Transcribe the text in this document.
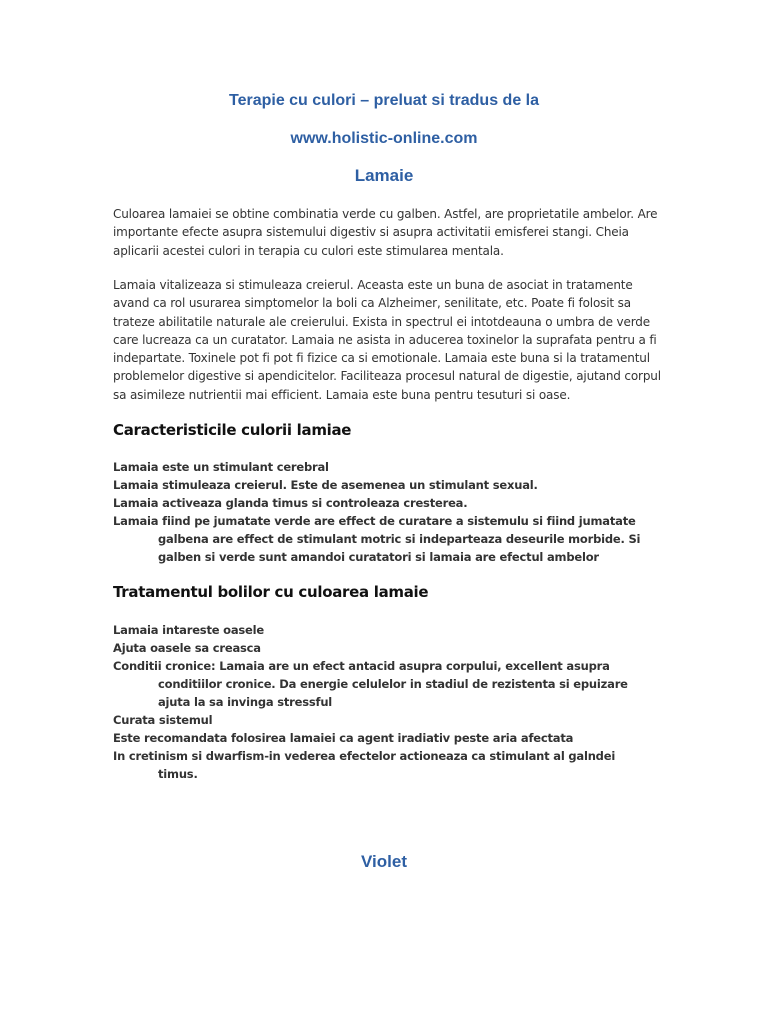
Terapie cu culori – preluat si tradus de la
www.holistic-online.com
Lamaie

Culoarea lamaiei se obtine combinatia verde cu galben. Astfel, are proprietatile ambelor. Are importante efecte asupra sistemului digestiv si asupra activitatii emisferei stangi. Cheia aplicarii acestei culori in terapia cu culori este stimularea mentala.

Lamaia vitalizeaza si stimuleaza creierul. Aceasta este un buna de asociat in tratamente avand ca rol usurarea simptomelor la boli ca Alzheimer, senilitate, etc. Poate fi folosit sa trateze abilitatile naturale ale creierului. Exista in spectrul ei intotdeauna o umbra de verde care lucreaza ca un curatator. Lamaia ne asista in aducerea toxinelor la suprafata pentru a fi indepartate. Toxinele pot fi pot fi fizice ca si emotionale. Lamaia este buna si la tratamentul problemelor digestive si apendicitelor. Faciliteaza procesul natural de digestie, ajutand corpul sa asimileze nutrientii mai efficient. Lamaia este buna pentru tesuturi si oase.

Caracteristicile culorii lamiae
Lamaia este un stimulant cerebral
Lamaia stimuleaza creierul. Este de asemenea un stimulant sexual.
Lamaia activeaza glanda timus si controleaza cresterea.
Lamaia fiind pe jumatate verde are effect de curatare a sistemulu si fiind jumatate galbena are effect de stimulant motric si indeparteaza deseurile morbide. Si galben si verde sunt amandoi curatatori si lamaia are efectul ambelor
Tratamentul bolilor cu culoarea lamaie
Lamaia intareste oasele
Ajuta oasele sa creasca
Conditii cronice: Lamaia are un efect antacid asupra corpului, excellent asupra conditiilor cronice. Da energie celulelor in stadiul de rezistenta si epuizare ajuta la sa invinga stressful
Curata sistemul
Este recomandata folosirea lamaiei ca agent iradiativ peste aria afectata
In cretinism si dwarfism-in vederea efectelor actioneaza ca stimulant al galndei timus.
Violet
